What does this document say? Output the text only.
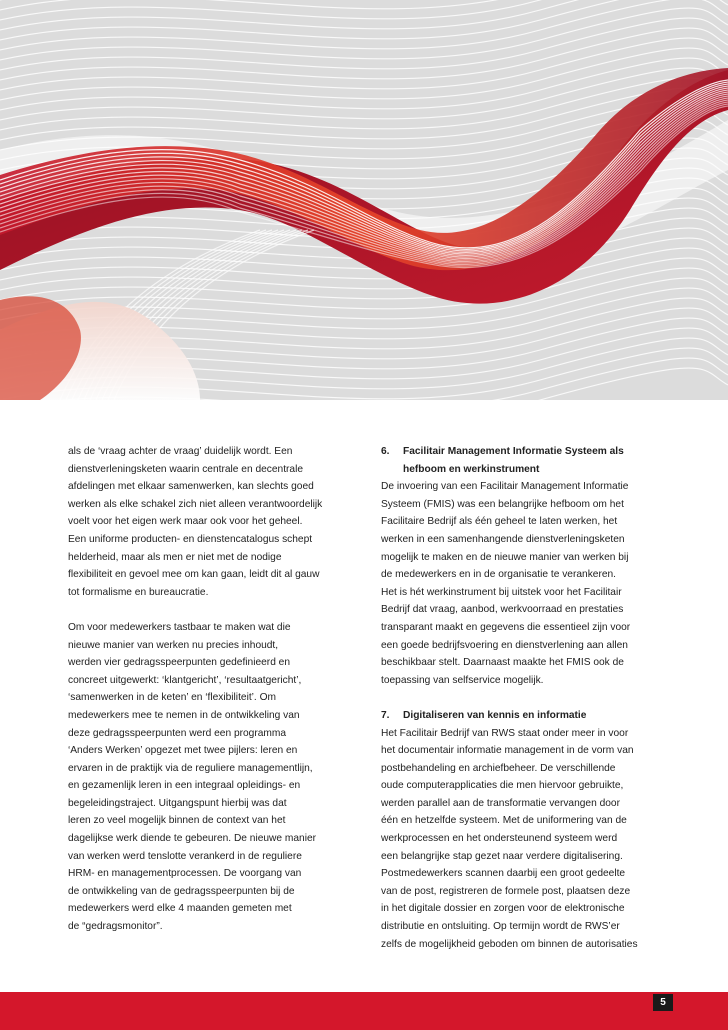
als de ‘vraag achter de vraag’ duidelijk wordt. Een
dienstverleningsketen waarin centrale en decentrale
afdelingen met elkaar samenwerken, kan slechts goed
werken als elke schakel zich niet alleen verantwoordelijk
voelt voor het eigen werk maar ook voor het geheel.
Een uniforme producten- en dienstencatalogus schept
helderheid, maar als men er niet met de nodige
flexibiliteit en gevoel mee om kan gaan, leidt dit al gauw
tot formalisme en bureaucratie.
Om voor medewerkers tastbaar te maken wat die
nieuwe manier van werken nu precies inhoudt,
werden vier gedragsspeerpunten gedefinieerd en
concreet uitgewerkt: ‘klantgericht’, ‘resultaatgericht’,
‘samenwerken in de keten’ en ‘flexibiliteit’. Om
medewerkers mee te nemen in de ontwikkeling van
deze gedragsspeerpunten werd een programma
‘Anders Werken’ opgezet met twee pijlers: leren en
ervaren in de praktijk via de reguliere managementlijn,
en gezamenlijk leren in een integraal opleidings- en
begeleidingstraject. Uitgangspunt hierbij was dat
leren zo veel mogelijk binnen de context van het
dagelijkse werk diende te gebeuren. De nieuwe manier
van werken werd tenslotte verankerd in de reguliere
HRM- en managementprocessen. De voorgang van
de ontwikkeling van de gedragsspeerpunten bij de
medewerkers werd elke 4 maanden gemeten met
de “gedragsmonitor”.
6. Facilitair Management Informatie Systeem als
hefboom en werkinstrument
De invoering van een Facilitair Management Informatie
Systeem (FMIS) was een belangrijke hefboom om het
Facilitaire Bedrijf als één geheel te laten werken, het
werken in een samenhangende dienstverleningsketen
mogelijk te maken en de nieuwe manier van werken bij
de medewerkers en in de organisatie te verankeren.
Het is hét werkinstrument bij uitstek voor het Facilitair
Bedrijf dat vraag, aanbod, werkvoorraad en prestaties
transparant maakt en gegevens die essentieel zijn voor
een goede bedrijfsvoering en dienstverlening aan allen
beschikbaar stelt. Daarnaast maakte het FMIS ook de
toepassing van selfservice mogelijk.
7. Digitaliseren van kennis en informatie
Het Facilitair Bedrijf van RWS staat onder meer in voor
het documentair informatie management in de vorm van
postbehandeling en archiefbeheer. De verschillende
oude computerapplicaties die men hiervoor gebruikte,
werden parallel aan de transformatie vervangen door
één en hetzelfde systeem. Met de uniformering van de
werkprocessen en het ondersteunend systeem werd
een belangrijke stap gezet naar verdere digitalisering.
Postmedewerkers scannen daarbij een groot gedeelte
van de post, registreren de formele post, plaatsen deze
in het digitale dossier en zorgen voor de elektronische
distributie en ontsluiting. Op termijn wordt de RWS’er
zelfs de mogelijkheid geboden om binnen de autorisaties
5
